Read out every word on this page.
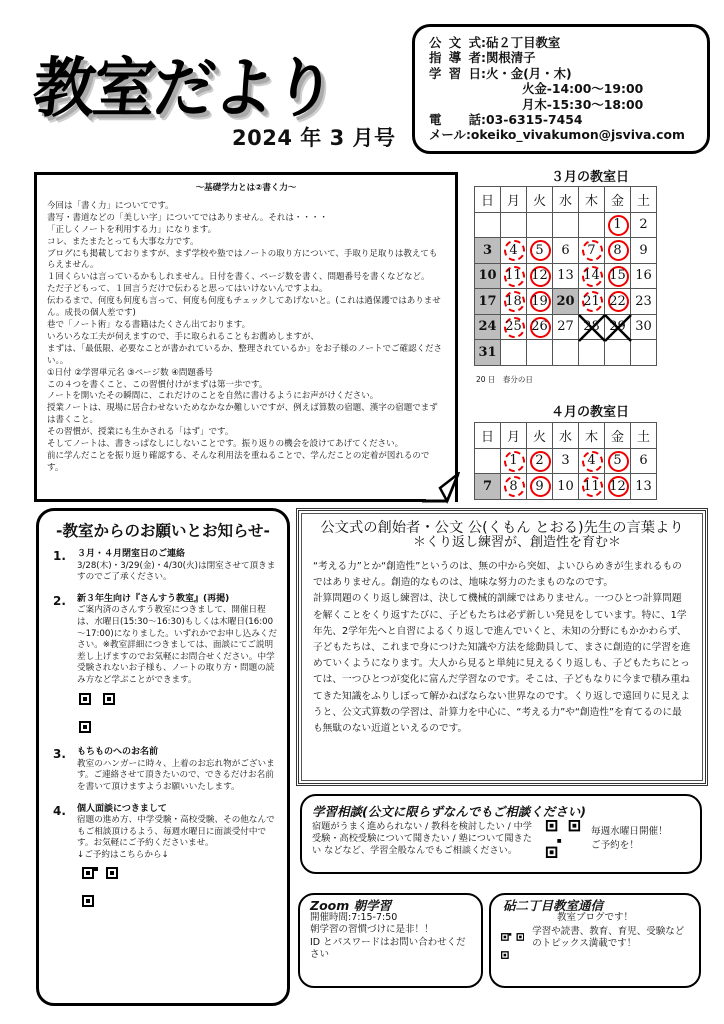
教室だより
2024 年 3 月号
公文式 :砧２丁目教室
指導者 :関根清子
学習日 :火・金(月・木)
火金-14:00～19:00
月木-15:30～18:00
電話 :03-6315-7454
メール :okeiko_vivakumon@jsviva.com
～基礎学力とは②書く力～

今回は「書く力」についてです。

書写・書道などの「美しい字」についてではありません。それは・・・・

「正しくノートを利用する力」になります。

コレ、またまたとっても大事な力です。

ブログにも掲載しておりますが、まず学校や塾ではノートの取り方について、手取り足取りは教えてもらえません。

１回くらいは言っているかもしれません。日付を書く、ページ数を書く、問題番号を書くなどなど。

ただ子どもって、１回言うだけで伝わると思ってはいけないんですよね。

伝わるまで、何度も何度も言って、何度も何度もチェックしてあげないと。(これは過保護ではありません。成長の個人差です)

巷で「ノート術」なる書籍はたくさん出ております。

いろいろな工夫が伺えますので、手に取られることもお薦めしますが、

まずは、「最低限、必要なことが書かれているか、整理されているか」をお子様のノートでご確認ください。。

①日付 ②学習単元名 ③ページ数 ④問題番号

この４つを書くこと、この習慣付けがまずは第一歩です。

ノートを開いたその瞬間に、これだけのことを自然に書けるようにお声がけください。

授業ノートは、現場に居合わせないためなかなか難しいですが、例えば算数の宿題、漢字の宿題でまずは書くこと。

その習慣が、授業にも生かされる「はず」です。

そしてノートは、書きっぱなしにしないことです。振り返りの機会を設けてあげてください。

前に学んだことを振り返り確認する、そんな利用法を重ねることで、学んだことの定着が図れるのです。

３月の教室日
日	月	火	水	木	金	土
					1	2
3	4	5	6	7	8	9
10	11	12	13	14	15	16
17	18	19	20	21	22	23
24	25	26	27	28	29	30
31						
20 日　春分の日
４月の教室日
日	月	火	水	木	金	土
	1	2	3	4	5	6
7	8	9	10	11	12	13
-教室からのお願いとお知らせ-
1.	３月・４月閉室日のご連絡
3/28(木)・3/29(金)・4/30(火)は閉室させて頂きますのでご了承ください。
2.	新３年生向け『さんすう教室』(再掲)
ご案内済のさんすう教室につきまして、開催日程は、水曜日(15:30～16:30)もしくは木曜日(16:00～17:00)になりました。いずれかでお申し込みください。※教室詳細につきましては、面談にてご説明差し上げますのでお気軽にお問合せください。中学受験されないお子様も、ノートの取り方・問題の読み方など学ぶことができます。
3.	もちものへのお名前
教室のハンガーに時々、上着のお忘れ物がございます。ご連絡させて頂きたいので、できるだけお名前を書いて頂けますようお願いいたします。
4.	個人面談につきまして
宿題の進め方、中学受験・高校受験、その他なんでもご相談頂けるよう、毎週水曜日に面談受付中です。お気軽にご予約くださいませ。
↓ご予約はこちらから↓
公文式の創始者・公文 公(くもん とおる)先生の言葉より
＊くり返し練習が、創造性を育む＊

“考える力”とか“創造性”というのは、無の中から突如、よいひらめきが生まれるものではありません。創造的なものは、地味な努力のたまものなのです。

計算問題のくり返し練習は、決して機械的訓練ではありません。一つひとつ計算問題を解くことをくり返すたびに、子どもたちは必ず新しい発見をしています。特に、1学年先、2学年先へと自習によるくり返しで進んでいくと、未知の分野にもかかわらず、子どもたちは、これまで身につけた知識や方法を総動員して、まさに創造的に学習を進めていくようになります。大人から見ると単純に見えるくり返しも、子どもたちにとっては、一つひとつが変化に富んだ学習なのです。そこは、子どもなりに今まで積み重ねてきた知識をふりしぼって解かねばならない世界なのです。くり返しで遠回りに見えようと、公文式算数の学習は、計算力を中心に、“考える力”や“創造性”を育てるのに最も無駄のない近道といえるのです。

学習相談(公文に限らずなんでもご相談ください)
宿題がうまく進められない / 教科を検討したい / 中学受験・高校受験について聞きたい / 塾について聞きたい などなど、学習全般なんでもご相談ください。
毎週水曜日開催！
ご予約を！
Zoom 朝学習
開催時間:7:15-7:50
朝学習の習慣づけに是非！！
ID とパスワードはお問い合わせください
砧二丁目教室通信
教室ブログです！
学習や読書、教育、育児、受験などのトピックス満載です！
